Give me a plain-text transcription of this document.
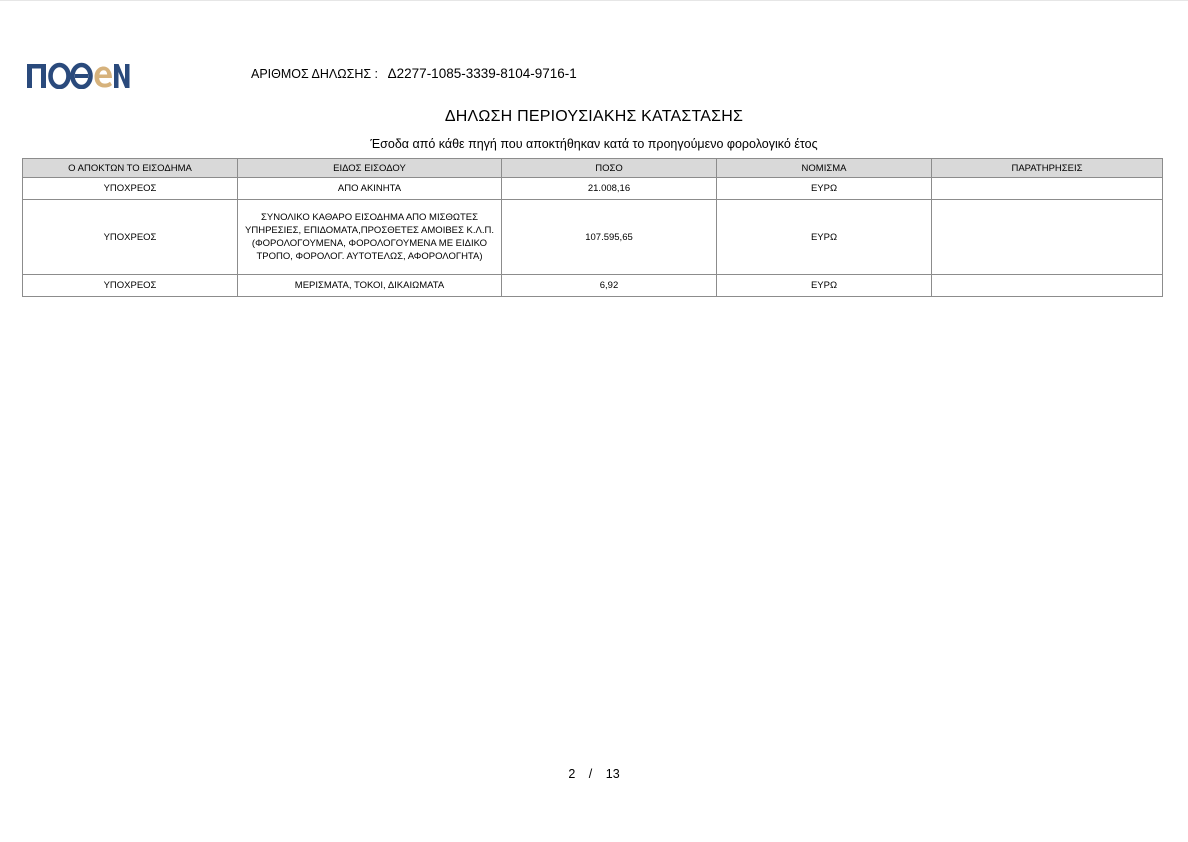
ΑΡΙΘΜΟΣ ΔΗΛΩΣΗΣ : Δ2277-1085-3339-8104-9716-1
ΔΗΛΩΣΗ ΠΕΡΙΟΥΣΙΑΚΗΣ ΚΑΤΑΣΤΑΣΗΣ
Έσοδα από κάθε πηγή που αποκτήθηκαν κατά το προηγούμενο φορολογικό έτος
Ο ΑΠΟΚΤΩΝ ΤΟ ΕΙΣΟΔΗΜΑ	ΕΙΔΟΣ ΕΙΣΟΔΟΥ	ΠΟΣΟ	ΝΟΜΙΣΜΑ	ΠΑΡΑΤΗΡΗΣΕΙΣ
ΥΠΟΧΡΕΟΣ	ΑΠΟ ΑΚΙΝΗΤΑ	21.008,16	ΕΥΡΩ	
ΥΠΟΧΡΕΟΣ	ΣΥΝΟΛΙΚΟ ΚΑΘΑΡΟ ΕΙΣΟΔΗΜΑ ΑΠΟ ΜΙΣΘΩΤΕΣ ΥΠΗΡΕΣΙΕΣ, ΕΠΙΔΟΜΑΤΑ,ΠΡΟΣΘΕΤΕΣ ΑΜΟΙΒΕΣ Κ.Λ.Π.(ΦΟΡΟΛΟΓΟΥΜΕΝΑ, ΦΟΡΟΛΟΓΟΥΜΕΝΑ ΜΕ ΕΙΔΙΚΟ ΤΡΟΠΟ, ΦΟΡΟΛΟΓ. ΑΥΤΟΤΕΛΩΣ, ΑΦΟΡΟΛΟΓΗΤΑ)	107.595,65	ΕΥΡΩ	
ΥΠΟΧΡΕΟΣ	ΜΕΡΙΣΜΑΤΑ, ΤΟΚΟΙ, ΔΙΚΑΙΩΜΑΤΑ	6,92	ΕΥΡΩ	
2 / 13
